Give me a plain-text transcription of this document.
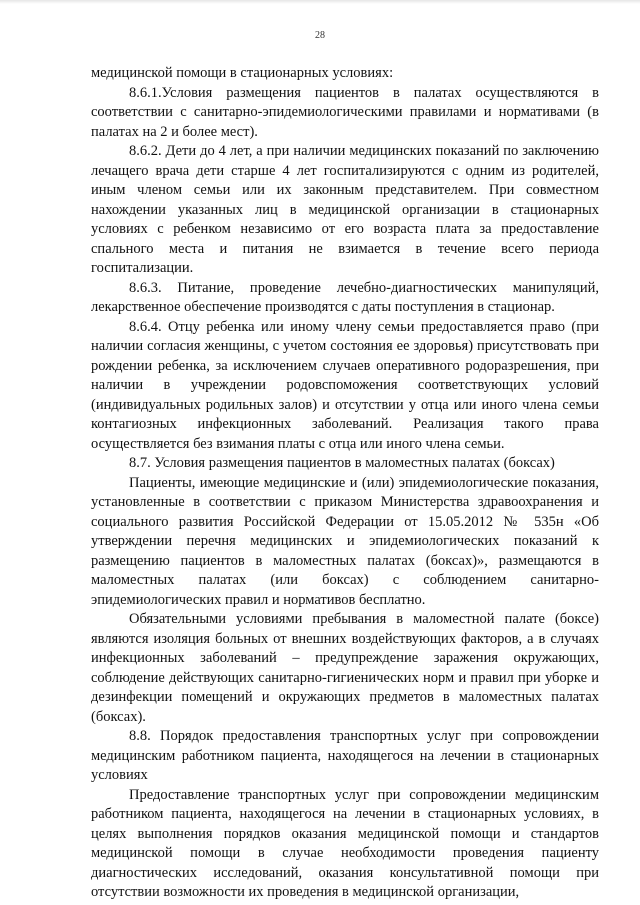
28

медицинской помощи в стационарных условиях:

8.6.1.Условия размещения пациентов в палатах осуществляются в соответствии с санитарно-эпидемиологическими правилами и нормативами (в палатах на 2 и более мест).

8.6.2. Дети до 4 лет, а при наличии медицинских показаний по заключению лечащего врача дети старше 4 лет госпитализируются с одним из родителей, иным членом семьи или их законным представителем. При совместном нахождении указанных лиц в медицинской организации в стационарных условиях с ребенком независимо от его возраста плата за предоставление спального места и питания не взимается в течение всего периода госпитализации.

8.6.3. Питание, проведение лечебно-диагностических манипуляций, лекарственное обеспечение производятся с даты поступления в стационар.

8.6.4. Отцу ребенка или иному члену семьи предоставляется право (при наличии согласия женщины, с учетом состояния ее здоровья) присутствовать при рождении ребенка, за исключением случаев оперативного родоразрешения, при наличии в учреждении родовспоможения соответствующих условий (индивидуальных родильных залов) и отсутствии у отца или иного члена семьи контагиозных инфекционных заболеваний. Реализация такого права осуществляется без взимания платы с отца или иного члена семьи.

8.7. Условия размещения пациентов в маломестных палатах (боксах)

Пациенты, имеющие медицинские и (или) эпидемиологические показания, установленные в соответствии с приказом Министерства здравоохранения и социального развития Российской Федерации от 15.05.2012 № 535н «Об утверждении перечня медицинских и эпидемиологических показаний к размещению пациентов в маломестных палатах (боксах)», размещаются в маломестных палатах (или боксах) с соблюдением санитарно-эпидемиологических правил и нормативов бесплатно.

Обязательными условиями пребывания в маломестной палате (боксе) являются изоляция больных от внешних воздействующих факторов, а в случаях инфекционных заболеваний – предупреждение заражения окружающих, соблюдение действующих санитарно-гигиенических норм и правил при уборке и дезинфекции помещений и окружающих предметов в маломестных палатах (боксах).

8.8. Порядок предоставления транспортных услуг при сопровождении медицинским работником пациента, находящегося на лечении в стационарных условиях

Предоставление транспортных услуг при сопровождении медицинским работником пациента, находящегося на лечении в стационарных условиях, в целях выполнения порядков оказания медицинской помощи и стандартов медицинской помощи в случае необходимости проведения пациенту диагностических исследований, оказания консультативной помощи при отсутствии возможности их проведения в медицинской организации,
